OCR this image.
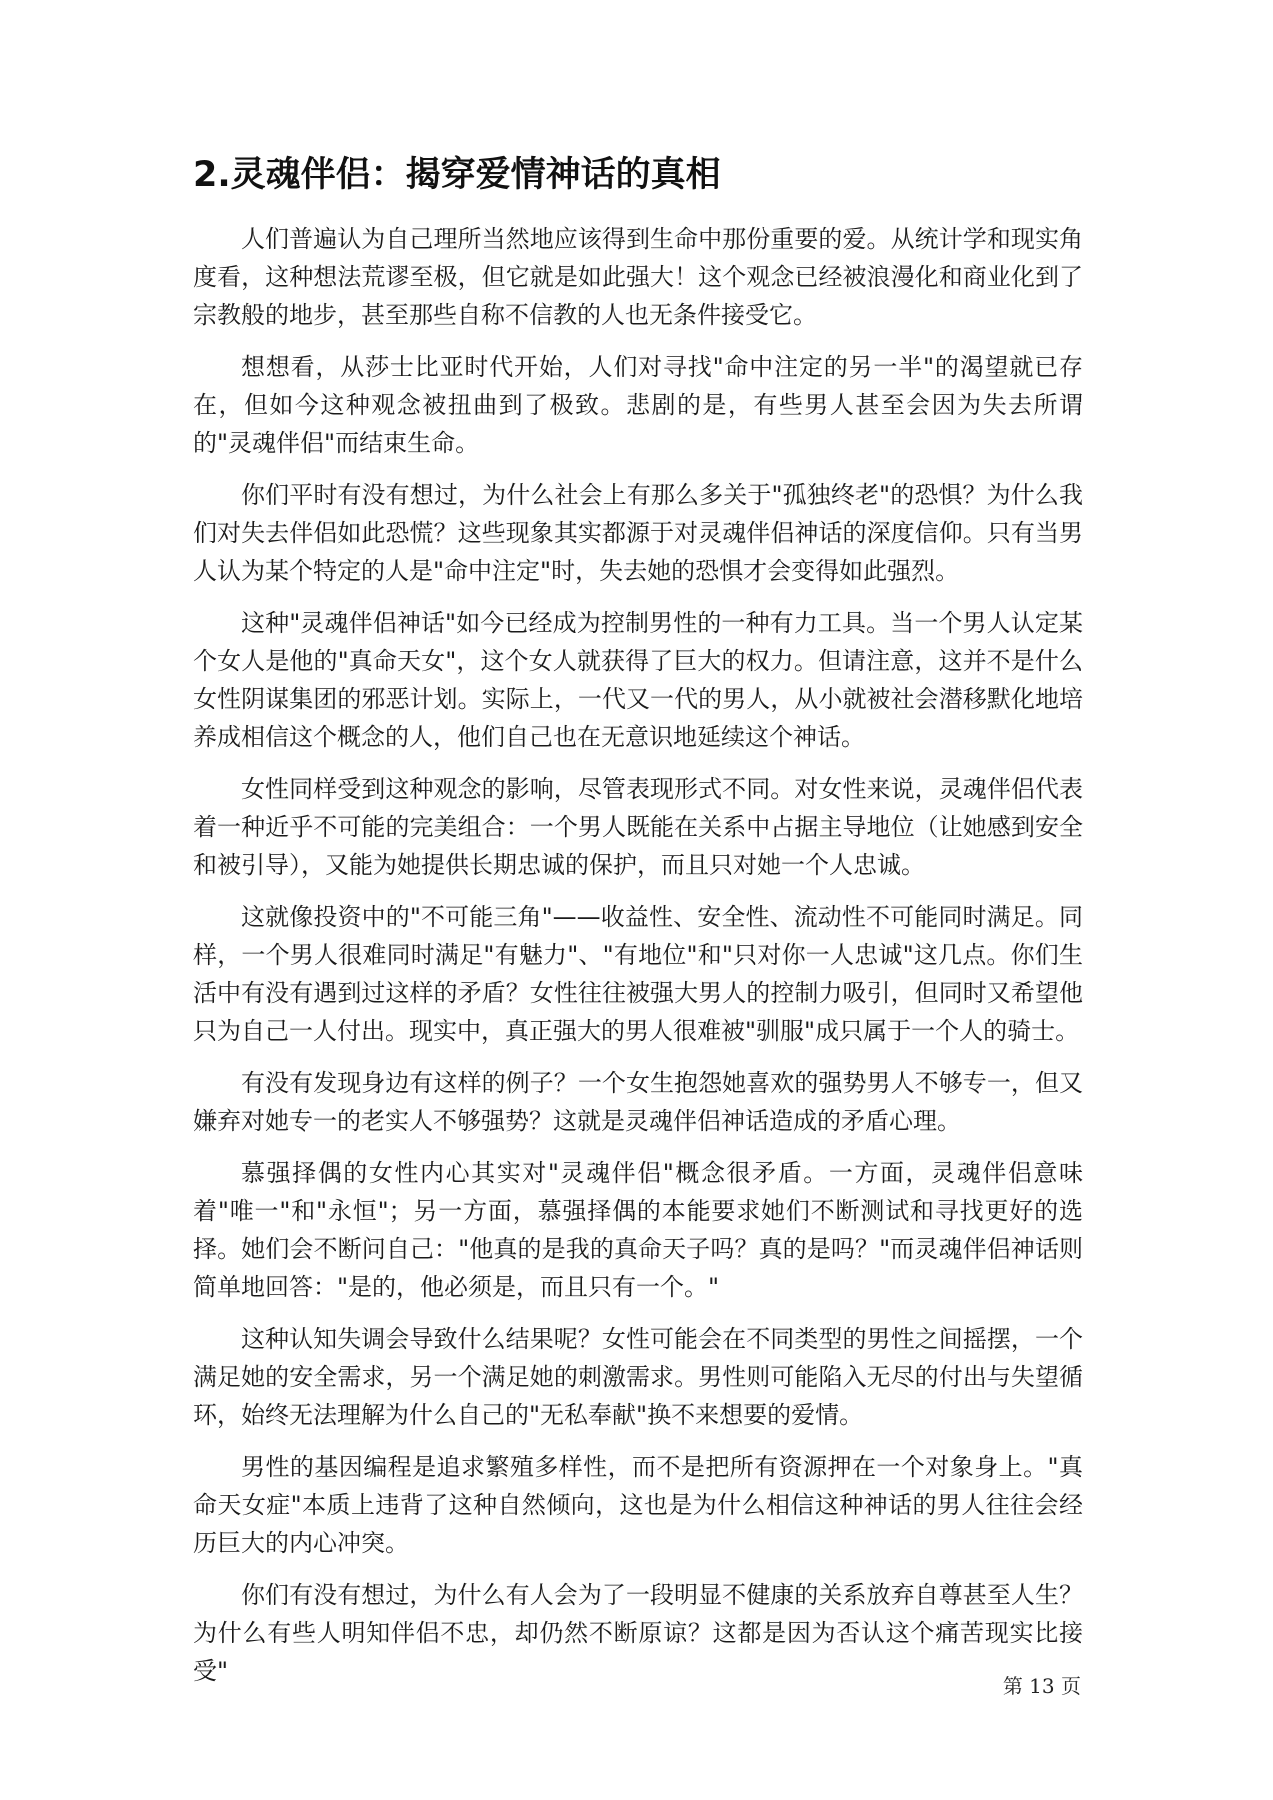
2.灵魂伴侣：揭穿爱情神话的真相

人们普遍认为自己理所当然地应该得到生命中那份重要的爱。从统计学和现实角度看，这种想法荒谬至极，但它就是如此强大！这个观念已经被浪漫化和商业化到了宗教般的地步，甚至那些自称不信教的人也无条件接受它。

想想看，从莎士比亚时代开始，人们对寻找"命中注定的另一半"的渴望就已存在，但如今这种观念被扭曲到了极致。悲剧的是，有些男人甚至会因为失去所谓的"灵魂伴侣"而结束生命。

你们平时有没有想过，为什么社会上有那么多关于"孤独终老"的恐惧？为什么我们对失去伴侣如此恐慌？这些现象其实都源于对灵魂伴侣神话的深度信仰。只有当男人认为某个特定的人是"命中注定"时，失去她的恐惧才会变得如此强烈。

这种"灵魂伴侣神话"如今已经成为控制男性的一种有力工具。当一个男人认定某个女人是他的"真命天女"，这个女人就获得了巨大的权力。但请注意，这并不是什么女性阴谋集团的邪恶计划。实际上，一代又一代的男人，从小就被社会潜移默化地培养成相信这个概念的人，他们自己也在无意识地延续这个神话。

女性同样受到这种观念的影响，尽管表现形式不同。对女性来说，灵魂伴侣代表着一种近乎不可能的完美组合：一个男人既能在关系中占据主导地位（让她感到安全和被引导），又能为她提供长期忠诚的保护，而且只对她一个人忠诚。

这就像投资中的"不可能三角"——收益性、安全性、流动性不可能同时满足。同样，一个男人很难同时满足"有魅力"、"有地位"和"只对你一人忠诚"这几点。你们生活中有没有遇到过这样的矛盾？女性往往被强大男人的控制力吸引，但同时又希望他只为自己一人付出。现实中，真正强大的男人很难被"驯服"成只属于一个人的骑士。

有没有发现身边有这样的例子？一个女生抱怨她喜欢的强势男人不够专一，但又嫌弃对她专一的老实人不够强势？这就是灵魂伴侣神话造成的矛盾心理。

慕强择偶的女性内心其实对"灵魂伴侣"概念很矛盾。一方面，灵魂伴侣意味着"唯一"和"永恒"；另一方面，慕强择偶的本能要求她们不断测试和寻找更好的选择。她们会不断问自己："他真的是我的真命天子吗？真的是吗？"而灵魂伴侣神话则简单地回答："是的，他必须是，而且只有一个。"

这种认知失调会导致什么结果呢？女性可能会在不同类型的男性之间摇摆，一个满足她的安全需求，另一个满足她的刺激需求。男性则可能陷入无尽的付出与失望循环，始终无法理解为什么自己的"无私奉献"换不来想要的爱情。

男性的基因编程是追求繁殖多样性，而不是把所有资源押在一个对象身上。"真命天女症"本质上违背了这种自然倾向，这也是为什么相信这种神话的男人往往会经历巨大的内心冲突。

你们有没有想过，为什么有人会为了一段明显不健康的关系放弃自尊甚至人生？为什么有些人明知伴侣不忠，却仍然不断原谅？这都是因为否认这个痛苦现实比接受"

第 13 页
